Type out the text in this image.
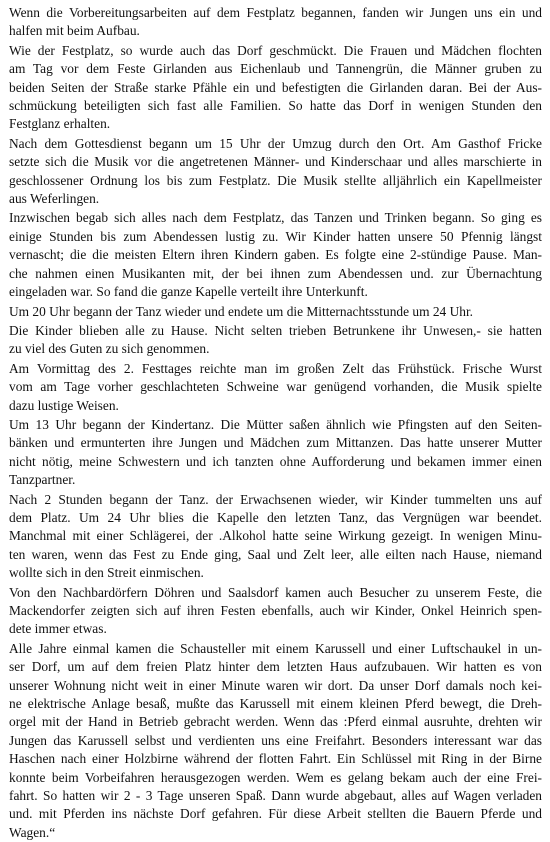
Wenn die Vorbereitungsarbeiten auf dem Festplatz begannen, fanden wir Jungen uns ein und
halfen mit beim Aufbau.

Wie der Festplatz, so wurde auch das Dorf geschmückt. Die Frauen und Mädchen flochten
am Tag vor dem Feste Girlanden aus Eichenlaub und Tannengrün, die Männer gruben zu
beiden Seiten der Straße starke Pfähle ein und befestigten die Girlanden daran. Bei der Aus-
schmückung beteiligten sich fast alle Familien. So hatte das Dorf in wenigen Stunden den
Festglanz erhalten.

Nach dem Gottesdienst begann um 15 Uhr der Umzug durch den Ort. Am Gasthof Fricke
setzte sich die Musik vor die angetretenen Männer- und Kinderschaar und alles marschierte in
geschlossener Ordnung los bis zum Festplatz. Die Musik stellte alljährlich ein Kapellmeister
aus Weferlingen.

Inzwischen begab sich alles nach dem Festplatz, das Tanzen und Trinken begann. So ging es
einige Stunden bis zum Abendessen lustig zu. Wir Kinder hatten unsere 50 Pfennig längst
vernascht; die die meisten Eltern ihren Kindern gaben. Es folgte eine 2-stündige Pause. Man-
che nahmen einen Musikanten mit, der bei ihnen zum Abendessen und. zur Übernachtung
eingeladen war. So fand die ganze Kapelle verteilt ihre Unterkunft.

Um 20 Uhr begann der Tanz wieder und endete um die Mitternachtsstunde um 24 Uhr.

Die Kinder blieben alle zu Hause. Nicht selten trieben Betrunkene ihr Unwesen,- sie hatten
zu viel des Guten zu sich genommen.

Am Vormittag des 2. Festtages reichte man im großen Zelt das Frühstück. Frische Wurst
vom am Tage vorher geschlachteten Schweine war genügend vorhanden, die Musik spielte
dazu lustige Weisen.

Um 13 Uhr begann der Kindertanz. Die Mütter saßen ähnlich wie Pfingsten auf den Seiten-
bänken und ermunterten ihre Jungen und Mädchen zum Mittanzen. Das hatte unserer Mutter
nicht nötig, meine Schwestern und ich tanzten ohne Aufforderung und bekamen immer einen
Tanzpartner.

Nach 2 Stunden begann der Tanz. der Erwachsenen wieder, wir Kinder tummelten uns auf
dem Platz. Um 24 Uhr blies die Kapelle den letzten Tanz, das Vergnügen war beendet.
Manchmal mit einer Schlägerei, der .Alkohol hatte seine Wirkung gezeigt. In wenigen Minu-
ten waren, wenn das Fest zu Ende ging, Saal und Zelt leer, alle eilten nach Hause, niemand
wollte sich in den Streit einmischen.

Von den Nachbardörfern Döhren und Saalsdorf kamen auch Besucher zu unserem Feste, die
Mackendorfer zeigten sich auf ihren Festen ebenfalls, auch wir Kinder, Onkel Heinrich spen-
dete immer etwas.

Alle Jahre einmal kamen die Schausteller mit einem Karussell und einer Luftschaukel in un-
ser Dorf, um auf dem freien Platz hinter dem letzten Haus aufzubauen. Wir hatten es von
unserer Wohnung nicht weit in einer Minute waren wir dort. Da unser Dorf damals noch kei-
ne elektrische Anlage besaß, mußte das Karussell mit einem kleinen Pferd bewegt, die Dreh-
orgel mit der Hand in Betrieb gebracht werden. Wenn das :Pferd einmal ausruhte, drehten wir
Jungen das Karussell selbst und verdienten uns eine Freifahrt. Besonders interessant war das
Haschen nach einer Holzbirne während der flotten Fahrt. Ein Schlüssel mit Ring in der Birne
konnte beim Vorbeifahren herausgezogen werden. Wem es gelang bekam auch der eine Frei-
fahrt. So hatten wir 2 - 3 Tage unseren Spaß. Dann wurde abgebaut, alles auf Wagen verladen
und. mit Pferden ins nächste Dorf gefahren. Für diese Arbeit stellten die Bauern Pferde und
Wagen.“
